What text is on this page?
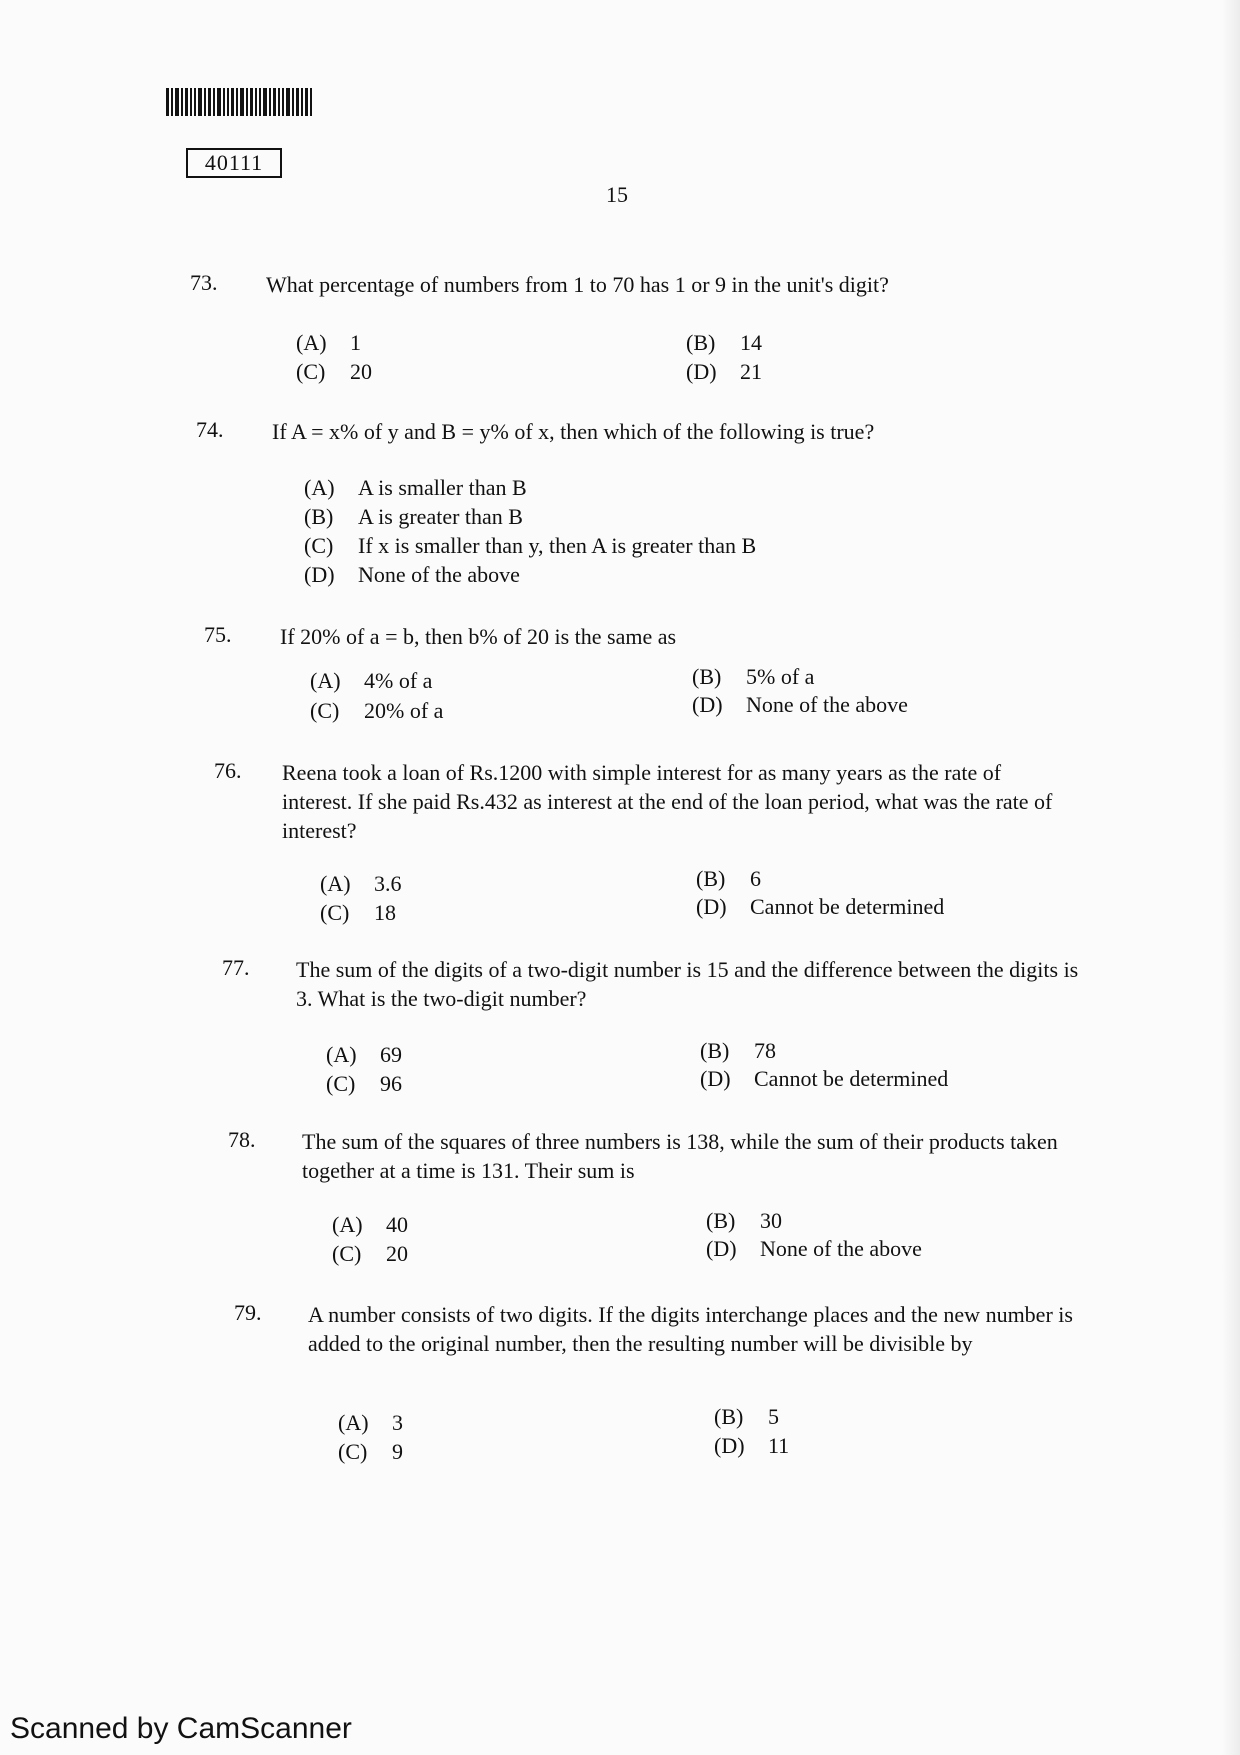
40111
15
73. What percentage of numbers from 1 to 70 has 1 or 9 in the unit's digit?
(A) 1	(B) 14
(C) 20	(D) 21
74. If A = x% of y and B = y% of x, then which of the following is true?
(A) A is smaller than B
(B) A is greater than B
(C) If x is smaller than y, then A is greater than B
(D) None of the above
75. If 20% of a = b, then b% of 20 is the same as
(A) 4% of a	(B) 5% of a
(C) 20% of a	(D) None of the above
76. Reena took a loan of Rs.1200 with simple interest for as many years as the rate of interest. If she paid Rs.432 as interest at the end of the loan period, what was the rate of interest?
(A) 3.6	(B) 6
(C) 18	(D) Cannot be determined
77. The sum of the digits of a two-digit number is 15 and the difference between the digits is 3. What is the two-digit number?
(A) 69	(B) 78
(C) 96	(D) Cannot be determined
78. The sum of the squares of three numbers is 138, while the sum of their products taken together at a time is 131. Their sum is
(A) 40	(B) 30
(C) 20	(D) None of the above
79. A number consists of two digits. If the digits interchange places and the new number is added to the original number, then the resulting number will be divisible by
(A) 3	(B) 5
(C) 9	(D) 11
Scanned by CamScanner
